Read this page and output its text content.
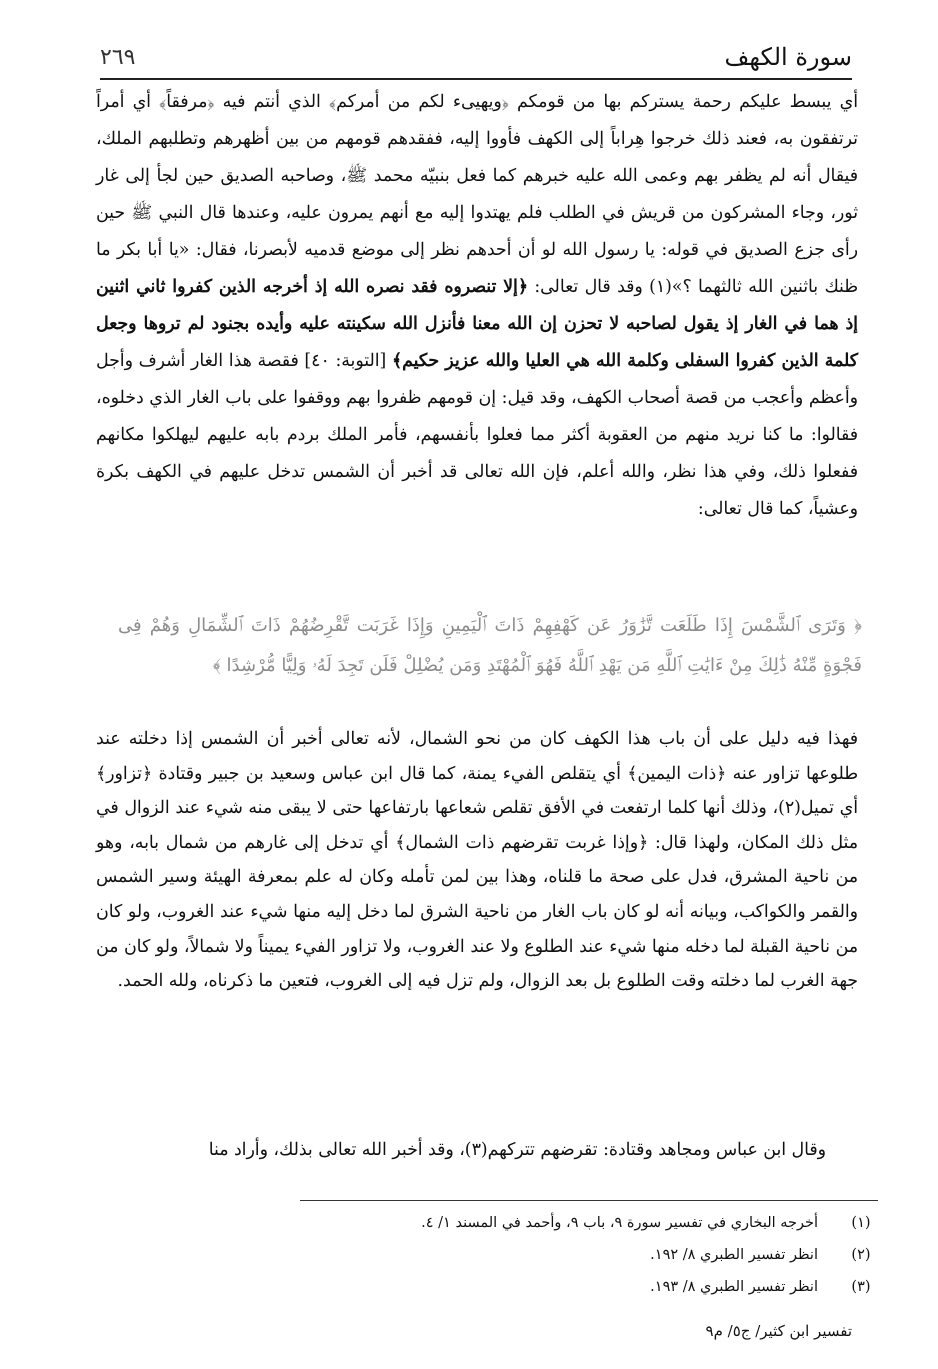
سورة الكهف
٢٦٩

أي يبسط عليكم رحمة يستركم بها من قومكم ﴿ويهيىء لكم من أمركم﴾ الذي أنتم فيه ﴿مرفقاً﴾ أي أمراً ترتفقون به، فعند ذلك خرجوا هِراباً إلى الكهف فأووا إليه، ففقدهم قومهم من بين أظهرهم وتطلبهم الملك، فيقال أنه لم يظفر بهم وعمى الله عليه خبرهم كما فعل بنبيّه محمد ﷺ، وصاحبه الصديق حين لجأ إلى غار ثور، وجاء المشركون من قريش في الطلب فلم يهتدوا إليه مع أنهم يمرون عليه، وعندها قال النبي ﷺ حين رأى جزع الصديق في قوله: يا رسول الله لو أن أحدهم نظر إلى موضع قدميه لأبصرنا، فقال: «يا أبا بكر ما ظنك باثنين الله ثالثهما ؟»(١) وقد قال تعالى: ﴿إلا تنصروه فقد نصره الله إذ أخرجه الذين كفروا ثاني اثنين إذ هما في الغار إذ يقول لصاحبه لا تحزن إن الله معنا فأنزل الله سكينته عليه وأيده بجنود لم تروها وجعل كلمة الذين كفروا السفلى وكلمة الله هي العليا والله عزيز حكيم﴾ [التوبة: ٤٠] فقصة هذا الغار أشرف وأجل وأعظم وأعجب من قصة أصحاب الكهف، وقد قيل: إن قومهم ظفروا بهم ووقفوا على باب الغار الذي دخلوه، فقالوا: ما كنا نريد منهم من العقوبة أكثر مما فعلوا بأنفسهم، فأمر الملك بردم بابه عليهم ليهلكوا مكانهم ففعلوا ذلك، وفي هذا نظر، والله أعلم، فإن الله تعالى قد أخبر أن الشمس تدخل عليهم في الكهف بكرة وعشياً، كما قال تعالى:

﴿ وَتَرَى ٱلشَّمْسَ إِذَا طَلَعَت تَّزَٰوَرُ عَن كَهْفِهِمْ ذَاتَ ٱلْيَمِينِ وَإِذَا غَرَبَت تَّقْرِضُهُمْ ذَاتَ ٱلشِّمَالِ وَهُمْ فِى فَجْوَةٍ مِّنْهُ ذَٰلِكَ مِنْ ءَايَٰتِ ٱللَّهِ مَن يَهْدِ ٱللَّهُ فَهُوَ ٱلْمُهْتَدِ وَمَن يُضْلِلْ فَلَن تَجِدَ لَهُۥ وَلِيًّا مُّرْشِدًا ﴾
فهذا فيه دليل على أن باب هذا الكهف كان من نحو الشمال، لأنه تعالى أخبر أن الشمس إذا دخلته عند طلوعها تزاور عنه ﴿ذات اليمين﴾ أي يتقلص الفيء يمنة، كما قال ابن عباس وسعيد بن جبير وقتادة ﴿تزاور﴾ أي تميل(٢)، وذلك أنها كلما ارتفعت في الأفق تقلص شعاعها بارتفاعها حتى لا يبقى منه شيء عند الزوال في مثل ذلك المكان، ولهذا قال: ﴿وإذا غربت تقرضهم ذات الشمال﴾ أي تدخل إلى غارهم من شمال بابه، وهو من ناحية المشرق، فدل على صحة ما قلناه، وهذا بين لمن تأمله وكان له علم بمعرفة الهيئة وسير الشمس والقمر والكواكب، وبيانه أنه لو كان باب الغار من ناحية الشرق لما دخل إليه منها شيء عند الغروب، ولو كان من ناحية القبلة لما دخله منها شيء عند الطلوع ولا عند الغروب، ولا تزاور الفيء يميناً ولا شمالاً، ولو كان من جهة الغرب لما دخلته وقت الطلوع بل بعد الزوال، ولم تزل فيه إلى الغروب، فتعين ما ذكرناه، ولله الحمد.
وقال ابن عباس ومجاهد وقتادة: تقرضهم تتركهم(٣)، وقد أخبر الله تعالى بذلك، وأراد منا
(١)
أخرجه البخاري في تفسير سورة ٩، باب ٩، وأحمد في المسند ١/ ٤.
(٢)
انظر تفسير الطبري ٨/ ١٩٢.
(٣)
انظر تفسير الطبري ٨/ ١٩٣.
تفسير ابن كثير/ ج٥/ م٩
